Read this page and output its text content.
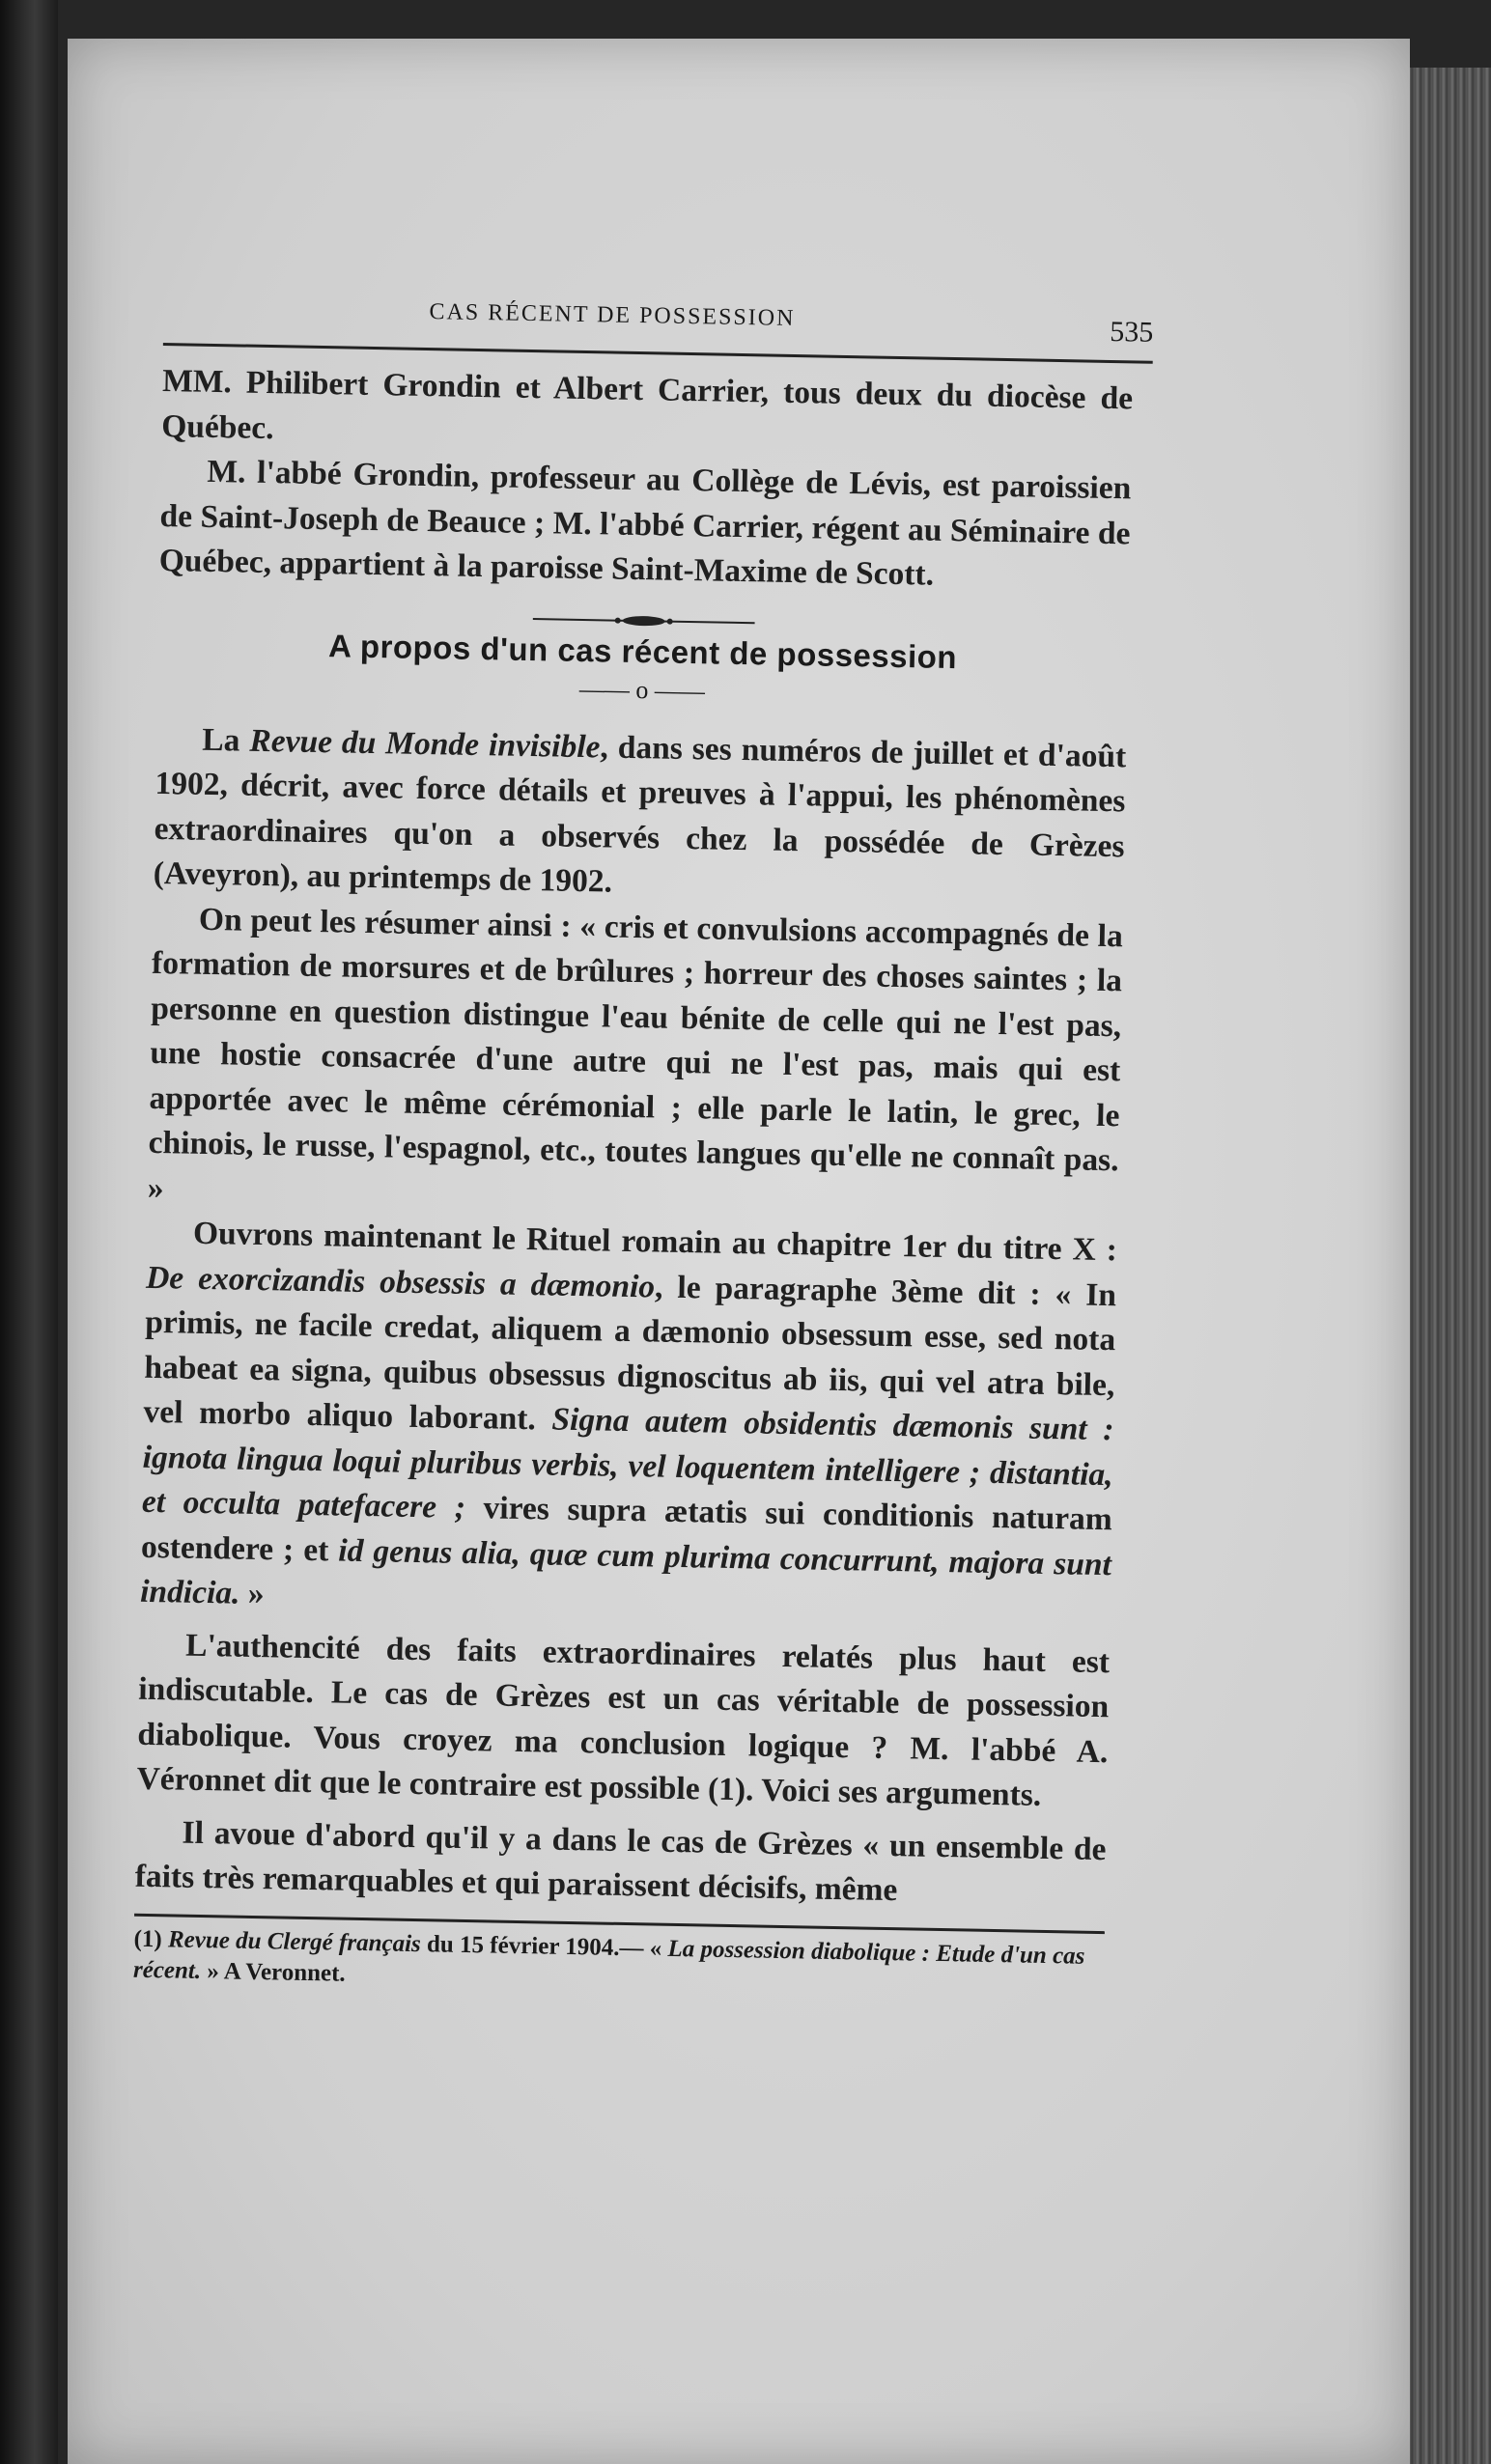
CAS RÉCENT DE POSSESSION
535

MM. Philibert Grondin et Albert Carrier, tous deux du diocèse de Québec.

M. l'abbé Grondin, professeur au Collège de Lévis, est paroissien de Saint-Joseph de Beauce ; M. l'abbé Carrier, régent au Séminaire de Québec, appartient à la paroisse Saint-Maxime de Scott.

A propos d'un cas récent de possession
—— o ——

La Revue du Monde invisible, dans ses numéros de juillet et d'août 1902, décrit, avec force détails et preuves à l'appui, les phénomènes extraordinaires qu'on a observés chez la possédée de Grèzes (Aveyron), au printemps de 1902.

On peut les résumer ainsi : « cris et convulsions accompagnés de la formation de morsures et de brûlures ; horreur des choses saintes ; la personne en question distingue l'eau bénite de celle qui ne l'est pas, une hostie consacrée d'une autre qui ne l'est pas, mais qui est apportée avec le même cérémonial ; elle parle le latin, le grec, le chinois, le russe, l'espagnol, etc., toutes langues qu'elle ne connaît pas. »

Ouvrons maintenant le Rituel romain au chapitre 1er du titre X : De exorcizandis obsessis a dæmonio, le paragraphe 3ème dit : « In primis, ne facile credat, aliquem a dæmonio obsessum esse, sed nota habeat ea signa, quibus obsessus dignoscitus ab iis, qui vel atra bile, vel morbo aliquo laborant. Signa autem obsidentis dæmonis sunt : ignota lingua loqui pluribus verbis, vel loquentem intelligere ; distantia, et occulta patefacere ; vires supra ætatis sui conditionis naturam ostendere ; et id genus alia, quæ cum plurima concurrunt, majora sunt indicia. »

L'authencité des faits extraordinaires relatés plus haut est indiscutable. Le cas de Grèzes est un cas véritable de possession diabolique. Vous croyez ma conclusion logique ? M. l'abbé A. Véronnet dit que le contraire est possible (1). Voici ses arguments.

Il avoue d'abord qu'il y a dans le cas de Grèzes « un ensemble de faits très remarquables et qui paraissent décisifs, même

(1) Revue du Clergé français du 15 février 1904.— « La possession diabolique : Etude d'un cas récent. » A Veronnet.
